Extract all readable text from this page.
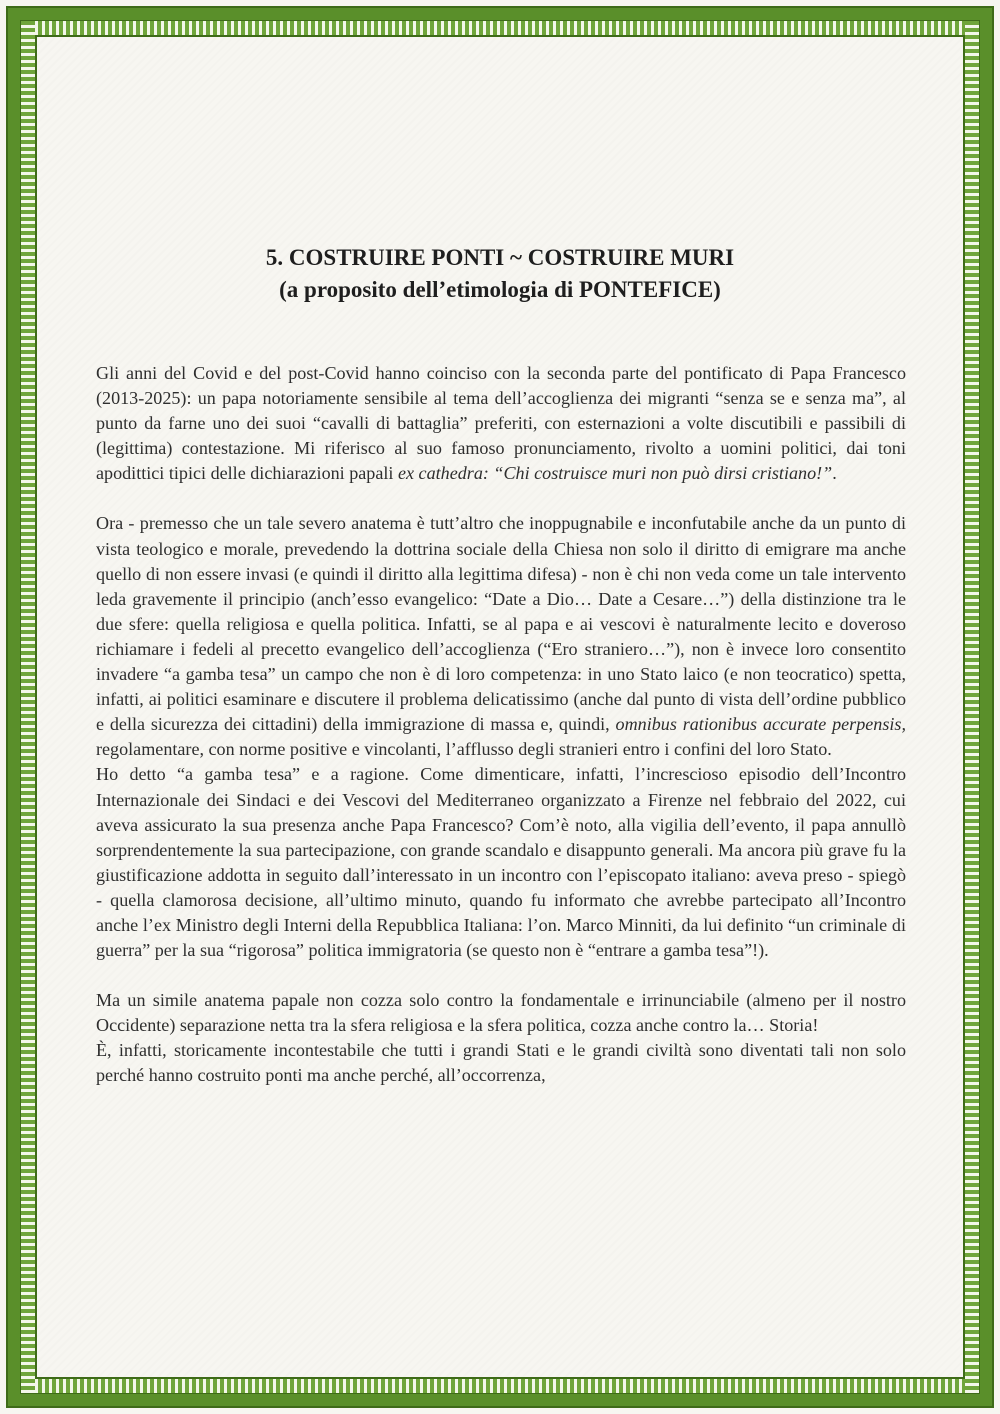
5. COSTRUIRE PONTI ~ COSTRUIRE MURI

(a proposito dell’etimologia di PONTEFICE)

Gli anni del Covid e del post-Covid hanno coinciso con la seconda parte del pontificato di Papa Francesco (2013-2025): un papa notoriamente sensibile al tema dell’accoglienza dei migranti “senza se e senza ma”, al punto da farne uno dei suoi “cavalli di battaglia” preferiti, con esternazioni a volte discutibili e passibili di (legittima) contestazione. Mi riferisco al suo famoso pronunciamento, rivolto a uomini politici, dai toni apodittici tipici delle dichiarazioni papali ex cathedra: “Chi costruisce muri non può dirsi cristiano!”.

Ora - premesso che un tale severo anatema è tutt’altro che inoppugnabile e inconfutabile anche da un punto di vista teologico e morale, prevedendo la dottrina sociale della Chiesa non solo il diritto di emigrare ma anche quello di non essere invasi (e quindi il diritto alla legittima difesa) - non è chi non veda come un tale intervento leda gravemente il principio (anch’esso evangelico: “Date a Dio… Date a Cesare…”) della distinzione tra le due sfere: quella religiosa e quella politica. Infatti, se al papa e ai vescovi è naturalmente lecito e doveroso richiamare i fedeli al precetto evangelico dell’accoglienza (“Ero straniero…”), non è invece loro consentito invadere “a gamba tesa” un campo che non è di loro competenza: in uno Stato laico (e non teocratico) spetta, infatti, ai politici esaminare e discutere il problema delicatissimo (anche dal punto di vista dell’ordine pubblico e della sicurezza dei cittadini) della immigrazione di massa e, quindi, omnibus rationibus accurate perpensis, regolamentare, con norme positive e vincolanti, l’afflusso degli stranieri entro i confini del loro Stato.

Ho detto “a gamba tesa” e a ragione. Come dimenticare, infatti, l’incresciosо episodio dell’Incontro Internazionale dei Sindaci e dei Vescovi del Mediterraneo organizzato a Firenze nel febbraio del 2022, cui aveva assicurato la sua presenza anche Papa Francesco? Com’è noto, alla vigilia dell’evento, il papa annullò sorprendentemente la sua partecipazione, con grande scandalo e disappunto generali. Ma ancora più grave fu la giustificazione addotta in seguito dall’interessato in un incontro con l’episcopato italiano: aveva preso - spiegò - quella clamorosa decisione, all’ultimo minuto, quando fu informato che avrebbe partecipato all’Incontro anche l’ex Ministro degli Interni della Repubblica Italiana: l’on. Marco Minniti, da lui definito “un criminale di guerra” per la sua “rigorosa” politica immigratoria (se questo non è “entrare a gamba tesa”!).

Ma un simile anatema papale non cozza solo contro la fondamentale e irrinunciabile (almeno per il nostro Occidente) separazione netta tra la sfera religiosa e la sfera politica, cozza anche contro la… Storia!

È, infatti, storicamente incontestabile che tutti i grandi Stati e le grandi civiltà sono diventati tali non solo perché hanno costruito ponti ma anche perché, all’occorrenza,
